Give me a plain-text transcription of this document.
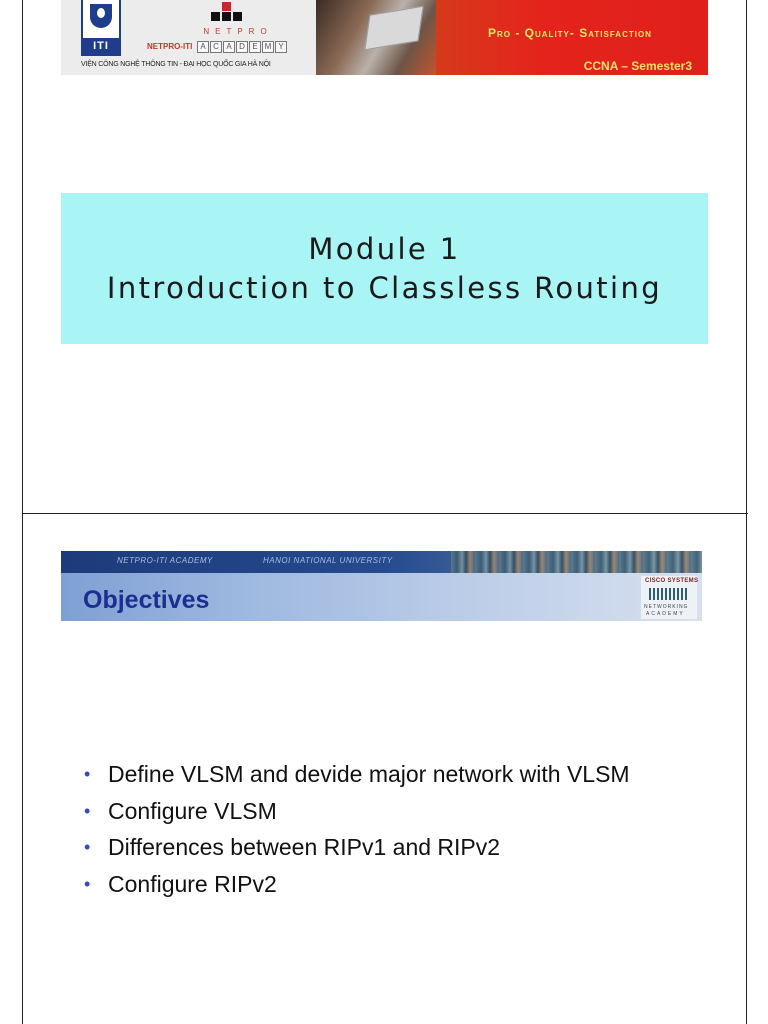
ITI
NETPRO
NETPRO-ITI A C A D E M Y
VIỆN CÔNG NGHỆ THÔNG TIN - ĐẠI HỌC QUỐC GIA HÀ NỘI
Pro - Quality- Satisfaction
CCNA – Semester3
Module 1
Introduction to Classless Routing
NETPRO-ITI ACADEMY	HANOI NATIONAL UNIVERSITY
Objectives
CISCO SYSTEMS
NETWORKING
ACADEMY
• Define VLSM and devide major network with VLSM
• Configure VLSM
• Differences between RIPv1 and RIPv2
• Configure RIPv2
